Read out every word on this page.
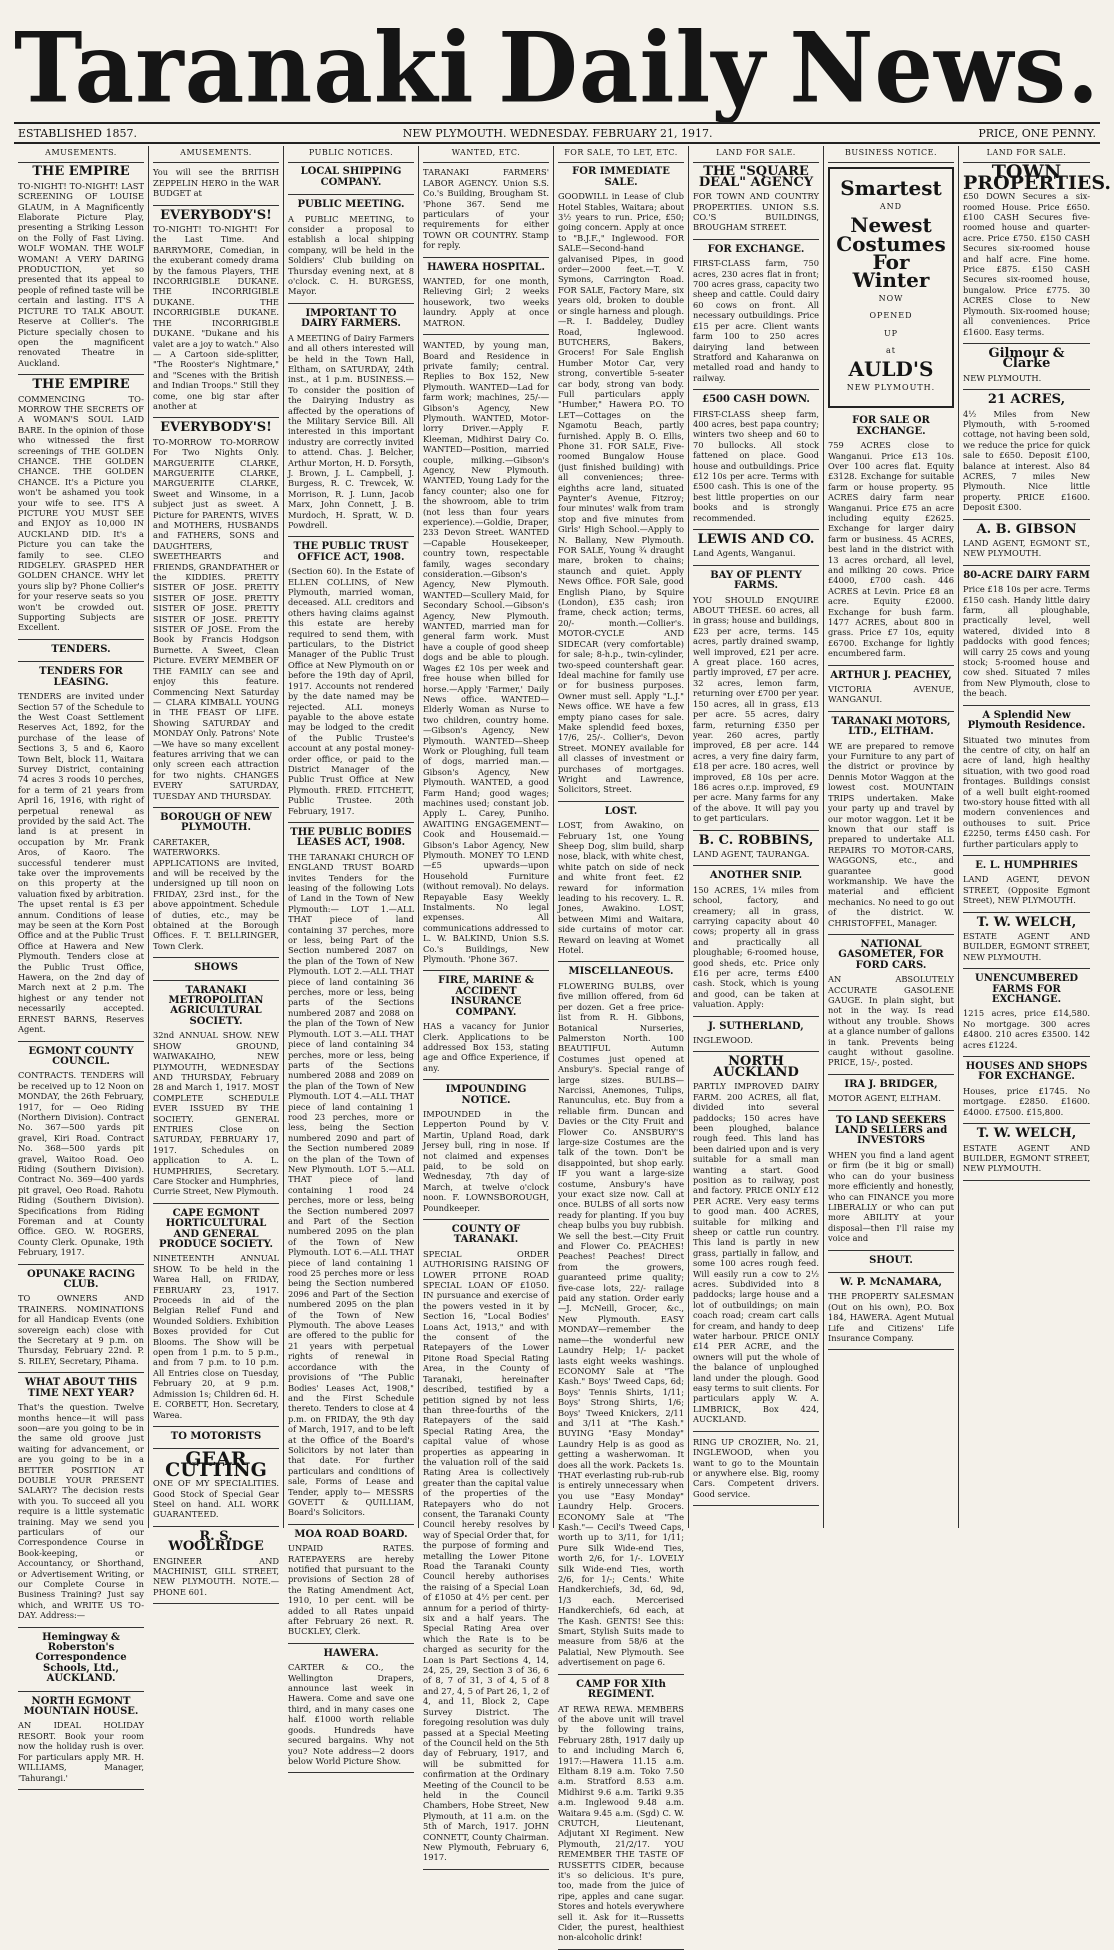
Taranaki Daily News.
ESTABLISHED 1857.	NEW PLYMOUTH. WEDNESDAY. FEBRUARY 21, 1917.	PRICE, ONE PENNY.
AMUSEMENTS.
THE EMPIRE
TO-NIGHT! TO-NIGHT! LAST SCREENING OF LOUISE GLAUM, in A Magnificently Elaborate Picture Play, presenting a Striking Lesson on the Folly of Fast Living. WOLF WOMAN. THE WOLF WOMAN! A VERY DARING PRODUCTION, yet so presented that its appeal to people of refined taste will be certain and lasting. IT'S A PICTURE TO TALK ABOUT. Reserve at Collier's. The Picture specially chosen to open the magnificent renovated Theatre in Auckland.
THE EMPIRE
COMMENCING TO-MORROW THE SECRETS OF A WOMAN'S SOUL LAID BARE. In the opinion of those who witnessed the first screenings of THE GOLDEN CHANCE. THE GOLDEN CHANCE. THE GOLDEN CHANCE. It's a Picture you won't be ashamed you took your wife to see. IT'S A PICTURE YOU MUST SEE and ENJOY as 10,000 IN AUCKLAND DID. It's a Picture you can take the family to see. CLEO RIDGELEY. GRASPED HER GOLDEN CHANCE. WHY let yours slip by? Phone Collier's for your reserve seats so you won't be crowded out. Supporting Subjects are Excellent.
TENDERS.
TENDERS FOR LEASING.
TENDERS are invited under Section 57 of the Schedule to the West Coast Settlement Reserves Act, 1892, for the purchase of the lease of Sections 3, 5 and 6, Kaoro Town Belt, block 11, Waitara Survey District, containing 74 acres 3 roods 10 perches, for a term of 21 years from April 16, 1916, with right of perpetual renewal as provided by the said Act. The land is at present in occupation by Mr. Frank Aros, of Kaoro. The successful tenderer must take over the improvements on this property at the valuation fixed by arbitration. The upset rental is £3 per annum. Conditions of lease may be seen at the Korn Post Office and at the Public Trust Office at Hawera and New Plymouth. Tenders close at the Public Trust Office, Hawera, on the 2nd day of March next at 2 p.m. The highest or any tender not necessarily accepted. ERNEST BARNS, Reserves Agent.
EGMONT COUNTY COUNCIL.
CONTRACTS. TENDERS will be received up to 12 Noon on MONDAY, the 26th February, 1917, for — Oeo Riding (Northern Division). Contract No. 367—500 yards pit gravel, Kiri Road. Contract No. 368—500 yards pit gravel, Waitoo Road. Oeo Riding (Southern Division). Contract No. 369—400 yards pit gravel, Oeo Road. Rahotu Riding (Southern Division). Specifications from Riding Foreman and at County Office. GEO. W. ROGERS, County Clerk. Opunake, 19th February, 1917.
OPUNAKE RACING CLUB.
TO OWNERS AND TRAINERS. NOMINATIONS for all Handicap Events (one sovereign each) close with the Secretary at 9 p.m. on Thursday, February 22nd. P. S. RILEY, Secretary, Pihama.
WHAT ABOUT THIS TIME NEXT YEAR?
That's the question. Twelve months hence—it will pass soon—are you going to be in the same old groove just waiting for advancement, or are you going to be in a BETTER POSITION AT DOUBLE YOUR PRESENT SALARY? The decision rests with you. To succeed all you require is a little systematic training. May we send you particulars of our Correspondence Course in Book-keeping, or Accountancy, or Shorthand, or Advertisement Writing, or our Complete Course in Business Training? Just say which, and WRITE US TO-DAY. Address:—
Hemingway & Roberston's Correspondence Schools, Ltd., AUCKLAND.
NORTH EGMONT MOUNTAIN HOUSE.
AN IDEAL HOLIDAY RESORT. Book your room now the holiday rush is over. For particulars apply MR. H. WILLIAMS, Manager, 'Tahurangi.'
AMUSEMENTS.
You will see the BRITISH ZEPPELIN HERO in the WAR BUDGET at
EVERYBODY'S!
TO-NIGHT! TO-NIGHT! For the Last Time. And BARRYMORE, Comedian, in the exuberant comedy drama by the famous Players, THE INCORRIGIBLE DUKANE. THE INCORRIGIBLE DUKANE. THE INCORRIGIBLE DUKANE. THE INCORRIGIBLE DUKANE. "Dukane and his valet are a joy to watch." Also— A Cartoon side-splitter, "The Rooster's Nightmare," and "Scenes with the British and Indian Troops." Still they come, one big star after another at
EVERYBODY'S!
TO-MORROW TO-MORROW For Two Nights Only. MARGUERITE CLARKE, MARGUERITE CLARKE, MARGUERITE CLARKE, Sweet and Winsome, in a subject just as sweet. A Picture for PARENTS, WIVES and MOTHERS, HUSBANDS and FATHERS, SONS and DAUGHTERS, SWEETHEARTS and FRIENDS, GRANDFATHER or the KIDDIES. PRETTY SISTER OF JOSE. PRETTY SISTER OF JOSE. PRETTY SISTER OF JOSE. PRETTY SISTER OF JOSE. PRETTY SISTER OF JOSE. From the Book by Francis Hodgson Burnette. A Sweet, Clean Picture. EVERY MEMBER OF THE FAMILY can see and enjoy this feature. Commencing Next Saturday— CLARA KIMBALL YOUNG in THE FEAST OF LIFE. Showing SATURDAY and MONDAY Only. Patrons' Note—We have so many excellent features arriving that we can only screen each attraction for two nights. CHANGES EVERY SATURDAY, TUESDAY AND THURSDAY.
BOROUGH OF NEW PLYMOUTH.
CARETAKER, WATERWORKS. APPLICATIONS are invited, and will be received by the undersigned up till noon on FRIDAY, 23rd inst., for the above appointment. Schedule of duties, etc., may be obtained at the Borough Offices. F. T. BELLRINGER, Town Clerk.
SHOWS
TARANAKI METROPOLITAN AGRICULTURAL SOCIETY.
32nd ANNUAL SHOW. NEW SHOW GROUND, WAIWAKAIHO, NEW PLYMOUTH, WEDNESDAY AND THURSDAY, February 28 and March 1, 1917. MOST COMPLETE SCHEDULE EVER ISSUED BY THE SOCIETY. GENERAL ENTRIES Close on SATURDAY, FEBRUARY 17, 1917. Schedules on application to A. L. HUMPHRIES, Secretary. Care Stocker and Humphries, Currie Street, New Plymouth.
CAPE EGMONT HORTICULTURAL AND GENERAL PRODUCE SOCIETY.
NINETEENTH ANNUAL SHOW. To be held in the Warea Hall, on FRIDAY, FEBRUARY 23, 1917. Proceeds in aid of the Belgian Relief Fund and Wounded Soldiers. Exhibition Boxes provided for Cut Blooms. The Show will be open from 1 p.m. to 5 p.m., and from 7 p.m. to 10 p.m. All Entries close on Tuesday, February 20, at 9 p.m. Admission 1s; Children 6d. H. E. CORBETT, Hon. Secretary, Warea.
TO MOTORISTS
GEAR CUTTING
ONE OF MY SPECIALITIES. Good Stock of Special Gear Steel on hand. ALL WORK GUARANTEED.
R. S. WOOLRIDGE
ENGINEER AND MACHINIST, GILL STREET, NEW PLYMOUTH. NOTE.—PHONE 601.
PUBLIC NOTICES.
LOCAL SHIPPING COMPANY.
PUBLIC MEETING.
A PUBLIC MEETING, to consider a proposal to establish a local shipping company, will be held in the Soldiers' Club building on Thursday evening next, at 8 o'clock. C. H. BURGESS, Mayor.
IMPORTANT TO DAIRY FARMERS.
A MEETING of Dairy Farmers and all others interested will be held in the Town Hall, Eltham, on SATURDAY, 24th inst., at 1 p.m. BUSINESS.—To consider the position of the Dairying Industry as affected by the operations of the Military Service Bill. All interested in this important industry are correctly invited to attend. Chas. J. Belcher, Arthur Morton, H. D. Forsyth, J. Brown, J. L. Campbell, J. Burgess, R. C. Trewcek, W. Morrison, R. J. Lunn, Jacob Marx, John Connett, J. B. Murdoch, H. Spratt, W. D. Powdrell.
THE PUBLIC TRUST OFFICE ACT, 1908.
(Section 60). In the Estate of ELLEN COLLINS, of New Plymouth, married woman, deceased. ALL creditors and others having claims against this estate are hereby required to send them, with particulars, to the District Manager of the Public Trust Office at New Plymouth on or before the 19th day of April, 1917. Accounts not rendered by the date named may be rejected. ALL moneys payable to the above estate may be lodged to the credit of the Public Trustee's account at any postal money-order office, or paid to the District Manager of the Public Trust Office at New Plymouth. FRED. FITCHETT, Public Trustee. 20th February, 1917.
THE PUBLIC BODIES LEASES ACT, 1908.
THE TARANAKI CHURCH OF ENGLAND TRUST BOARD invites Tenders for the leasing of the following Lots of Land in the Town of New Plymouth:— LOT 1.—ALL THAT piece of land containing 37 perches, more or less, being Part of the Section numbered 2087 on the plan of the Town of New Plymouth. LOT 2.—ALL THAT piece of land containing 36 perches, more or less, being parts of the Sections numbered 2087 and 2088 on the plan of the Town of New Plymouth. LOT 3.—ALL THAT piece of land containing 34 perches, more or less, being parts of the Sections numbered 2088 and 2089 on the plan of the Town of New Plymouth. LOT 4.—ALL THAT piece of land containing 1 rood 23 perches, more or less, being the Section numbered 2090 and part of the Section numbered 2089 on the plan of the Town of New Plymouth. LOT 5.—ALL THAT piece of land containing 1 rood 24 perches, more or less, being the Section numbered 2097 and Part of the Section numbered 2095 on the plan of the Town of New Plymouth. LOT 6.—ALL THAT piece of land containing 1 rood 25 perches more or less being the Section numbered 2096 and Part of the Section numbered 2095 on the plan of the Town of New Plymouth. The above Leases are offered to the public for 21 years with perpetual rights of renewal in accordance with the provisions of "The Public Bodies' Leases Act, 1908," and the First Schedule thereto. Tenders to close at 4 p.m. on FRIDAY, the 9th day of March, 1917, and to be left at the Office of the Board's Solicitors by not later than that date. For further particulars and conditions of sale, Forms of Lease and Tender, apply to— MESSRS GOVETT & QUILLIAM, Board's Solicitors.
MOA ROAD BOARD.
UNPAID RATES. RATEPAYERS are hereby notified that pursuant to the provisions of Section 28 of the Rating Amendment Act, 1910, 10 per cent. will be added to all Rates unpaid after February 26 next. R. BUCKLEY, Clerk.
HAWERA.
CARTER & CO., the Wellington Drapers, announce last week in Hawera. Come and save one third, and in many cases one half. £1000 worth reliable goods. Hundreds have secured bargains. Why not you? Note address—2 doors below World Picture Show.
WANTED, ETC.
TARANAKI FARMERS' LABOR AGENCY. Union S.S. Co.'s Building, Brougham St. 'Phone 367. Send me particulars of your requirements for either TOWN OR COUNTRY. Stamp for reply.
HAWERA HOSPITAL.
WANTED, for one month, Relieving Girl; 2 weeks housework, two weeks laundry. Apply at once MATRON.
WANTED, by young man, Board and Residence in private family; central. Replies to Box 152, New Plymouth. WANTED—Lad for farm work; machines, 25/-—Gibson's Agency, New Plymouth. WANTED, Motor-lorry Driver.—Apply F. Kleeman, Midhirst Dairy Co. WANTED—Position, married couple, milking.—Gibson's Agency, New Plymouth. WANTED, Young Lady for the fancy counter; also one for the showroom, able to trim (not less than four years experience).—Goldie, Draper, 233 Devon Street. WANTED—Capable Housekeeper, country town, respectable family, wages secondary consideration.—Gibson's Agency, New Plymouth. WANTED—Scullery Maid, for Secondary School.—Gibson's Agency, New Plymouth. WANTED, married man for general farm work. Must have a couple of good sheep dogs and be able to plough. Wages £2 10s per week and free house when billed for horse.—Apply 'Farmer,' Daily News office. WANTED—Elderly Woman as Nurse to two children, country home.—Gibson's Agency, New Plymouth. WANTED—Sheep Work or Ploughing, full team of dogs, married man.—Gibson's Agency, New Plymouth. WANTED, a good Farm Hand; good wages; machines used; constant job. Apply L. Carey, Puniho. AWAITING ENGAGEMENT—Cook and Housemaid.—Gibson's Labor Agency, New Plymouth. MONEY TO LEND—£5 upwards—upon Household Furniture (without removal). No delays. Repayable Easy Weekly Instalments. No legal expenses. All communications addressed to L. W. BALKIND, Union S.S. Co.'s Buildings, New Plymouth. 'Phone 367.
FIRE, MARINE & ACCIDENT INSURANCE COMPANY.
HAS a vacancy for Junior Clerk. Applications to be addressed Box 153, stating age and Office Experience, if any.
IMPOUNDING NOTICE.
IMPOUNDED in the Lepperton Pound by V. Martin, Upland Road, dark Jersey bull, ring in nose. If not claimed and expenses paid, to be sold on Wednesday, 7th day of March, at twelve o'clock noon. F. LOWNSBOROUGH, Poundkeeper.
COUNTY OF TARANAKI.
SPECIAL ORDER AUTHORISING RAISING OF LOWER PITONE ROAD SPECIAL LOAN OF £1050. IN pursuance and exercise of the powers vested in it by Section 16, "Local Bodies' Loans Act, 1913," and with the consent of the Ratepayers of the Lower Pitone Road Special Rating Area, in the County of Taranaki, hereinafter described, testified by a petition signed by not less than three-fourths of the Ratepayers of the said Special Rating Area, the capital value of whose properties as appearing in the valuation roll of the said Rating Area is collectively greater than the capital value of the properties of the Ratepayers who do not consent, the Taranaki County Council hereby resolves by way of Special Order that, for the purpose of forming and metalling the Lower Pitone Road the Taranaki County Council hereby authorises the raising of a Special Loan of £1050 at 4½ per cent. per annum for a period of thirty-six and a half years. The Special Rating Area over which the Rate is to be charged as security for the Loan is Part Sections 4, 14, 24, 25, 29, Section 3 of 36, 6 of 8, 7 of 31, 3 of 4, 5 of 8 and 27, 4, 5 of Part 26, 1, 2 of 4, and 11, Block 2, Cape Survey District. The foregoing resolution was duly passed at a Special Meeting of the Council held on the 5th day of February, 1917, and will be submitted for confirmation at the Ordinary Meeting of the Council to be held in the Council Chambers, Hobe Street, New Plymouth, at 11 a.m. on the 5th of March, 1917. JOHN CONNETT, County Chairman. New Plymouth, February 6, 1917.
FOR SALE, TO LET, ETC.
FOR IMMEDIATE SALE.
GOODWILL in Lease of Club Hotel Stables, Waitara; about 3½ years to run. Price, £50; going concern. Apply at once to "B.J.F.," Inglewood. FOR SALE—Second-hand galvanised Pipes, in good order—2000 feet.—T. V. Symons, Carrington Road. FOR SALE, Factory Mare, six years old, broken to double or single harness and plough.—R. I. Baddeley, Dudley Road, Inglewood. BUTCHERS, Bakers, Grocers! For Sale English Humber Motor Car, very strong, convertible 5-seater car body, strong van body. Full particulars apply "Humber," Hawera P.O. TO LET—Cottages on the Ngamotu Beach, partly furnished. Apply B. O. Ellis, Phone 31. FOR SALE, Five-roomed Bungalow House (just finished building) with all conveniences; three-eighths acre land, situated Paynter's Avenue, Fitzroy; four minutes' walk from tram stop and five minutes from Girls' High School.—Apply to N. Ballany, New Plymouth. FOR SALE, Young ¾ draught mare, broken to chains; staunch and quiet. Apply News Office. FOR Sale, good English Piano, by Squire (London), £35 cash; iron frame, check action; terms, 20/- month.—Collier's. MOTOR-CYCLE AND SIDECAR (very comfortable) for sale; 8-h.p., twin-cylinder, two-speed countershaft gear. Ideal machine for family use or for business purposes. Owner must sell. Apply "L.J." News office. WE have a few empty piano cases for sale. Make splendid feed boxes, 17/6, 25/-. Collier's, Devon Street. MONEY available for all classes of investment or purchases of mortgages. Wright and Lawrence, Solicitors, Street.
LOST.
LOST, from Awakino, on February 1st, one Young Sheep Dog, slim build, sharp nose, black, with white chest, white patch on side of neck and white front feet. £2 reward for information leading to his recovery. L. R. Jones, Awakino. LOST, between Mimi and Waitara, side curtains of motor car. Reward on leaving at Womet Hotel.
MISCELLANEOUS.
FLOWERING BULBS, over five million offered, from 6d per dozen. Get a free price-list from R. H. Gibbons, Botanical Nurseries, Palmerston North. 100 BEAUTIFUL Autumn Costumes just opened at Ansbury's. Special range of large sizes. BULBS—Narcissi, Anemones, Tulips, Ranunculus, etc. Buy from a reliable firm. Duncan and Davies or the City Fruit and Flower Co. ANSBURY'S large-size Costumes are the talk of the town. Don't be disappointed, but shop early. IF you want a large-size costume, Ansbury's have your exact size now. Call at once. BULBS of all sorts now ready for planting. If you buy cheap bulbs you buy rubbish. We sell the best.—City Fruit and Flower Co. PEACHES! Peaches! Peaches! Direct from the growers, guaranteed prime quality; five-case lots, 22/- railage paid any station. Order early—J. McNeill, Grocer, &c., New Plymouth. EASY MONDAY—remember the name—the wonderful new Laundry Help; 1/- packet lasts eight weeks washings. ECONOMY Sale at "The Kash." Boys' Tweed Caps, 6d; Boys' Tennis Shirts, 1/11; Boys' Strong Shirts, 1/6; Boys' Tweed Knickers, 2/11 and 3/11 at "The Kash." BUYING "Easy Monday" Laundry Help is as good as getting a washerwoman. It does all the work. Packets 1s. THAT everlasting rub-rub-rub is entirely unnecessary when you use "Easy Monday" Laundry Help. Grocers. ECONOMY Sale at "The Kash."— Cecil's Tweed Caps, worth up to 3/11, for 1/11; Pure Silk Wide-end Ties, worth 2/6, for 1/-. LOVELY Silk Wide-end Ties, worth 2/6, for 1/-; Cents.' White Handkerchiefs, 3d, 6d, 9d, 1/3 each. Mercerised Handkerchiefs, 6d each, at The Kash. GENTS! See this: Smart, Stylish Suits made to measure from 58/6 at the Palatial, New Plymouth. See advertisement on page 6.
CAMP FOR XIth REGIMENT.
AT REWA REWA. MEMBERS of the above unit will travel by the following trains, February 28th, 1917 daily up to and including March 6, 1917:—Hawera 11.15 a.m. Eltham 8.19 a.m. Toko 7.50 a.m. Stratford 8.53 a.m. Midhirst 9.6 a.m. Tariki 9.35 a.m. Inglewood 9.48 a.m. Waitara 9.45 a.m. (Sgd) C. W. CRUTCH, Lieutenant, Adjutant XI Regiment. New Plymouth, 21/2/17. YOU REMEMBER THE TASTE OF RUSSETTS CIDER, because it's so delicious. It's pure, too, made from the juice of ripe, apples and cane sugar. Stores and hotels everywhere sell it. Ask for it—Russetts Cider, the purest, healthiest non-alcoholic drink!
LAND FOR SALE.
THE "SQUARE DEAL" AGENCY
FOR TOWN AND COUNTRY PROPERTIES. UNION S.S. CO.'S BUILDINGS, BROUGHAM STREET.
FOR EXCHANGE.
FIRST-CLASS farm, 750 acres, 230 acres flat in front; 700 acres grass, capacity two sheep and cattle. Could dairy 60 cows on front. All necessary outbuildings. Price £15 per acre. Client wants farm 100 to 250 acres dairying land between Stratford and Kaharanwa on metalled road and handy to railway.
£500 CASH DOWN.
FIRST-CLASS sheep farm, 400 acres, best papa country; winters two sheep and 60 to 70 bullocks. All stock fattened on place. Good house and outbuildings. Price £12 10s per acre. Terms with £500 cash. This is one of the best little properties on our books and is strongly recommended.
LEWIS AND CO.
Land Agents, Wanganui.
BAY OF PLENTY FARMS.
YOU SHOULD ENQUIRE ABOUT THESE. 60 acres, all in grass; house and buildings, £23 per acre, terms. 145 acres, partly drained swamp, well improved, £21 per acre. A great place. 160 acres, partly improved, £7 per acre. 32 acres, lemon farm, returning over £700 per year. 150 acres, all in grass, £13 per acre. 55 acres, dairy farm, returning £350 per year. 260 acres, partly improved, £8 per acre. 144 acres, a very fine dairy farm, £18 per acre. 180 acres, well improved, £8 10s per acre. 186 acres o.r.p. improved, £9 per acre. Many farms for any of the above. It will pay you to get particulars.
B. C. ROBBINS,
LAND AGENT, TAURANGA.
ANOTHER SNIP.
150 ACRES, 1¼ miles from school, factory, and creamery; all in grass, carrying capacity about 40 cows; property all in grass and practically all ploughable; 6-roomed house, good sheds, etc. Price only £16 per acre, terms £400 cash. Stock, which is young and good, can be taken at valuation. Apply:
J. SUTHERLAND,
INGLEWOOD.
NORTH AUCKLAND
PARTLY IMPROVED DAIRY FARM. 200 ACRES, all flat, divided into several paddocks; 150 acres have been ploughed, balance rough feed. This land has been dairied upon and is very suitable for a small man wanting a start. Good position as to railway, post and factory. PRICE ONLY £12 PER ACRE. Very easy terms to good man. 400 ACRES, suitable for milking and sheep or cattle run country. This land is partly in new grass, partially in fallow, and some 100 acres rough feed. Will easily run a cow to 2½ acres. Subdivided into 8 paddocks; large house and a lot of outbuildings; on main coach road; cream cart calls for cream, and handy to deep water harbour. PRICE ONLY £14 PER ACRE, and the owners will put the whole of the balance of unploughed land under the plough. Good easy terms to suit clients. For particulars apply W. A. LIMBRICK, Box 424, AUCKLAND.
RING UP CROZIER, No. 21, INGLEWOOD, when you want to go to the Mountain or anywhere else. Big, roomy Cars. Competent drivers. Good service.
BUSINESS NOTICE.
Smartest
AND
Newest
Costumes
For
Winter
NOW
OPENED
UP
at
AULD'S
NEW PLYMOUTH.
FOR SALE OR EXCHANGE.
759 ACRES close to Wanganui. Price £13 10s. Over 100 acres flat. Equity £3128. Exchange for suitable farm or house property. 95 ACRES dairy farm near Wanganui. Price £75 an acre including equity £2625. Exchange for larger dairy farm or business. 45 ACRES, best land in the district with 13 acres orchard, all level, and milking 20 cows. Price £4000, £700 cash. 446 ACRES at Levin. Price £8 an acre. Equity £2000. Exchange for bush farm. 1477 ACRES, about 800 in grass. Price £7 10s, equity £6700. Exchange for lightly encumbered farm.
ARTHUR J. PEACHEY,
VICTORIA AVENUE, WANGANUI.
TARANAKI MOTORS, LTD., ELTHAM.
WE are prepared to remove your Furniture to any part of the district or province by Dennis Motor Waggon at the lowest cost. MOUNTAIN TRIPS undertaken. Make your party up and travel by our motor waggon. Let it be known that our staff is prepared to undertake ALL REPAIRS TO MOTOR-CARS, WAGGONS, etc., and guarantee good workmanship. We have the material and efficient mechanics. No need to go out of the district. W. CHRISTOFFEL, Manager.
NATIONAL GASOMETER, FOR FORD CARS.
AN ABSOLUTELY ACCURATE GASOLENE GAUGE. In plain sight, but not in the way. Is read without any trouble. Shows at a glance number of gallons in tank. Prevents being caught without gasoline. PRICE, 15/-, posted.
IRA J. BRIDGER,
MOTOR AGENT, ELTHAM.
TO LAND SEEKERS LAND SELLERS and INVESTORS
WHEN you find a land agent or firm (be it big or small) who can do your business more efficiently and honestly, who can FINANCE you more LIBERALLY or who can put more ABILITY at your disposal—then I'll raise my voice and
SHOUT.
W. P. McNAMARA,
THE PROPERTY SALESMAN (Out on his own), P.O. Box 184, HAWERA. Agent Mutual Life and Citizens' Life Insurance Company.
LAND FOR SALE.
TOWN PROPERTIES.
£50 DOWN Secures a six-roomed House. Price £650. £100 CASH Secures five-roomed house and quarter-acre. Price £750. £150 CASH Secures six-roomed house and half acre. Fine home. Price £875. £150 CASH Secures six-roomed house, bungalow. Price £775. 30 ACRES Close to New Plymouth. Six-roomed house; all conveniences. Price £1600. Easy terms.
Gilmour & Clarke
NEW PLYMOUTH.
21 ACRES,
4½ Miles from New Plymouth, with 5-roomed cottage, not having been sold, we reduce the price for quick sale to £650. Deposit £100, balance at interest. Also 84 ACRES, 7 miles New Plymouth. Nice little property. PRICE £1600. Deposit £300.
A. B. GIBSON
LAND AGENT, EGMONT ST., NEW PLYMOUTH.
80-ACRE DAIRY FARM
Price £18 10s per acre. Terms £150 cash. Handy little dairy farm, all ploughable, practically level, well watered, divided into 8 paddocks with good fences; will carry 25 cows and young stock; 5-roomed house and cow shed. Situated 7 miles from New Plymouth, close to the beach.
A Splendid New Plymouth Residence.
Situated two minutes from the centre of city, on half an acre of land, high healthy situation, with two good road frontages. Buildings consist of a well built eight-roomed two-story house fitted with all modern conveniences and outhouses to suit. Price £2250, terms £450 cash. For further particulars apply to
E. L. HUMPHRIES
LAND AGENT, DEVON STREET, (Opposite Egmont Street), NEW PLYMOUTH.
T. W. WELCH,
ESTATE AGENT AND BUILDER, EGMONT STREET, NEW PLYMOUTH.
UNENCUMBERED FARMS FOR EXCHANGE.
1215 acres, price £14,580. No mortgage. 300 acres £4800. 210 acres £3500. 142 acres £1224.
HOUSES AND SHOPS FOR EXCHANGE.
Houses, price £1745. No mortgage. £2850. £1600. £4000. £7500. £15,800.
T. W. WELCH,
ESTATE AGENT AND BUILDER, EGMONT STREET, NEW PLYMOUTH.
